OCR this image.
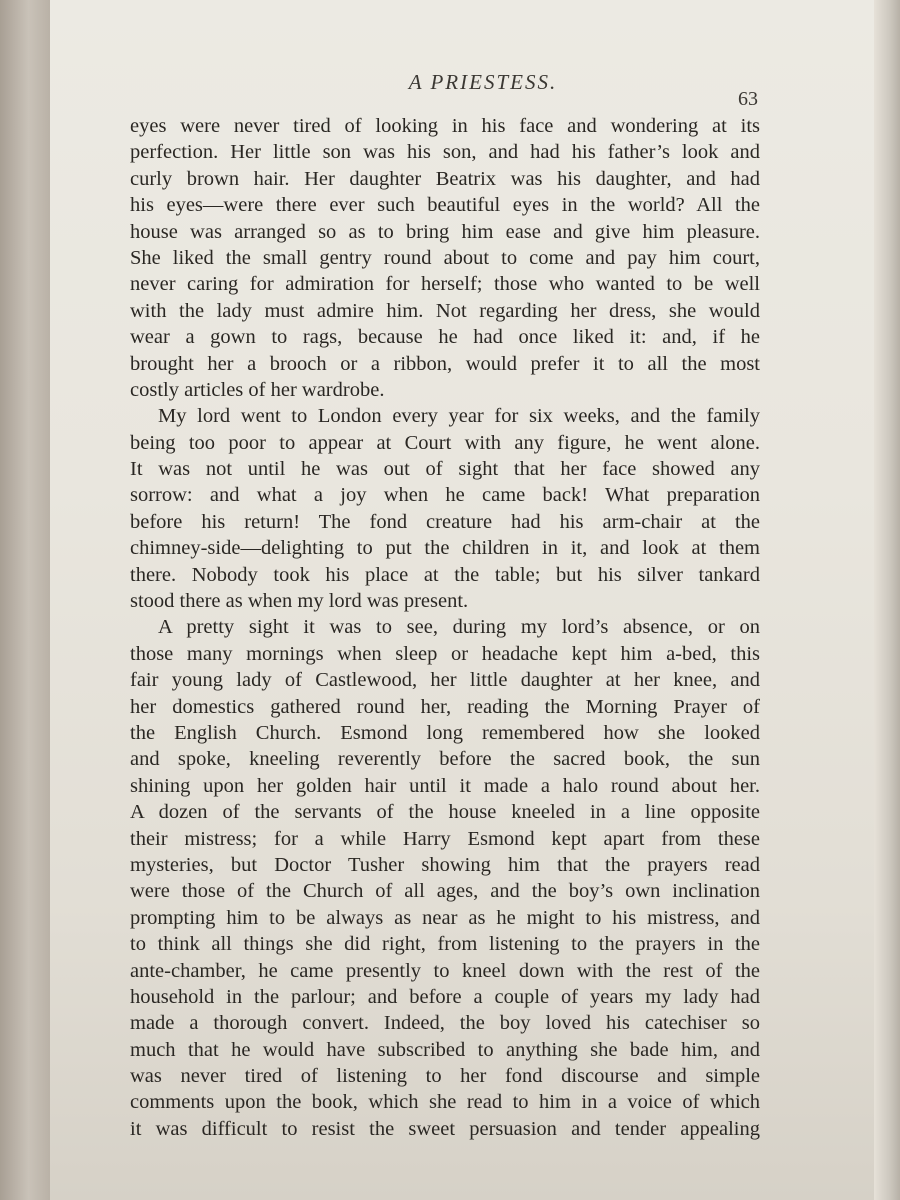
A PRIESTESS.
63
eyes were never tired of looking in his face and wondering at its
perfection. Her little son was his son, and had his father’s look and
curly brown hair. Her daughter Beatrix was his daughter, and had
his eyes—were there ever such beautiful eyes in the world? All the
house was arranged so as to bring him ease and give him pleasure.
She liked the small gentry round about to come and pay him court,
never caring for admiration for herself; those who wanted to be well
with the lady must admire him. Not regarding her dress, she would
wear a gown to rags, because he had once liked it: and, if he
brought her a brooch or a ribbon, would prefer it to all the most
costly articles of her wardrobe.
My lord went to London every year for six weeks, and the family
being too poor to appear at Court with any figure, he went alone.
It was not until he was out of sight that her face showed any
sorrow: and what a joy when he came back! What preparation
before his return! The fond creature had his arm-chair at the
chimney-side—delighting to put the children in it, and look at them
there. Nobody took his place at the table; but his silver tankard
stood there as when my lord was present.
A pretty sight it was to see, during my lord’s absence, or on
those many mornings when sleep or headache kept him a-bed, this
fair young lady of Castlewood, her little daughter at her knee, and
her domestics gathered round her, reading the Morning Prayer of
the English Church. Esmond long remembered how she looked
and spoke, kneeling reverently before the sacred book, the sun
shining upon her golden hair until it made a halo round about her.
A dozen of the servants of the house kneeled in a line opposite
their mistress; for a while Harry Esmond kept apart from these
mysteries, but Doctor Tusher showing him that the prayers read
were those of the Church of all ages, and the boy’s own inclination
prompting him to be always as near as he might to his mistress, and
to think all things she did right, from listening to the prayers in the
ante-chamber, he came presently to kneel down with the rest of the
household in the parlour; and before a couple of years my lady had
made a thorough convert. Indeed, the boy loved his catechiser so
much that he would have subscribed to anything she bade him, and
was never tired of listening to her fond discourse and simple
comments upon the book, which she read to him in a voice of which
it was difficult to resist the sweet persuasion and tender appealing
